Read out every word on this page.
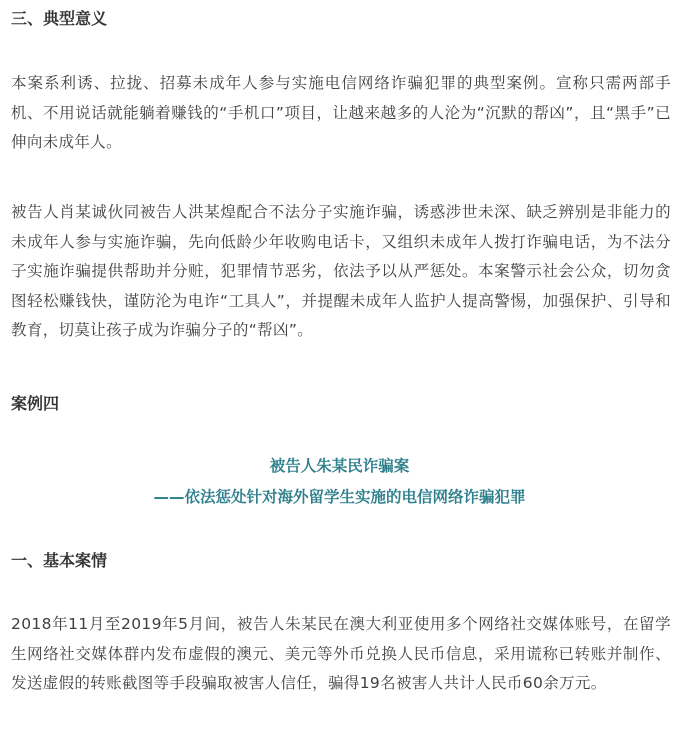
三、典型意义

本案系利诱、拉拢、招募未成年人参与实施电信网络诈骗犯罪的典型案例。宣称只需两部手机、不用说话就能躺着赚钱的“手机口”项目，让越来越多的人沦为“沉默的帮凶”，且“黑手”已伸向未成年人。

被告人肖某诚伙同被告人洪某煌配合不法分子实施诈骗，诱惑涉世未深、缺乏辨别是非能力的未成年人参与实施诈骗，先向低龄少年收购电话卡，又组织未成年人拨打诈骗电话，为不法分子实施诈骗提供帮助并分赃，犯罪情节恶劣，依法予以从严惩处。本案警示社会公众，切勿贪图轻松赚钱快，谨防沦为电诈“工具人”，并提醒未成年人监护人提高警惕，加强保护、引导和教育，切莫让孩子成为诈骗分子的“帮凶”。

案例四
被告人朱某民诈骗案
——依法惩处针对海外留学生实施的电信网络诈骗犯罪
一、基本案情

2018年11月至2019年5月间，被告人朱某民在澳大利亚使用多个网络社交媒体账号，在留学生网络社交媒体群内发布虚假的澳元、美元等外币兑换人民币信息，采用谎称已转账并制作、发送虚假的转账截图等手段骗取被害人信任，骗得19名被害人共计人民币60余万元。
